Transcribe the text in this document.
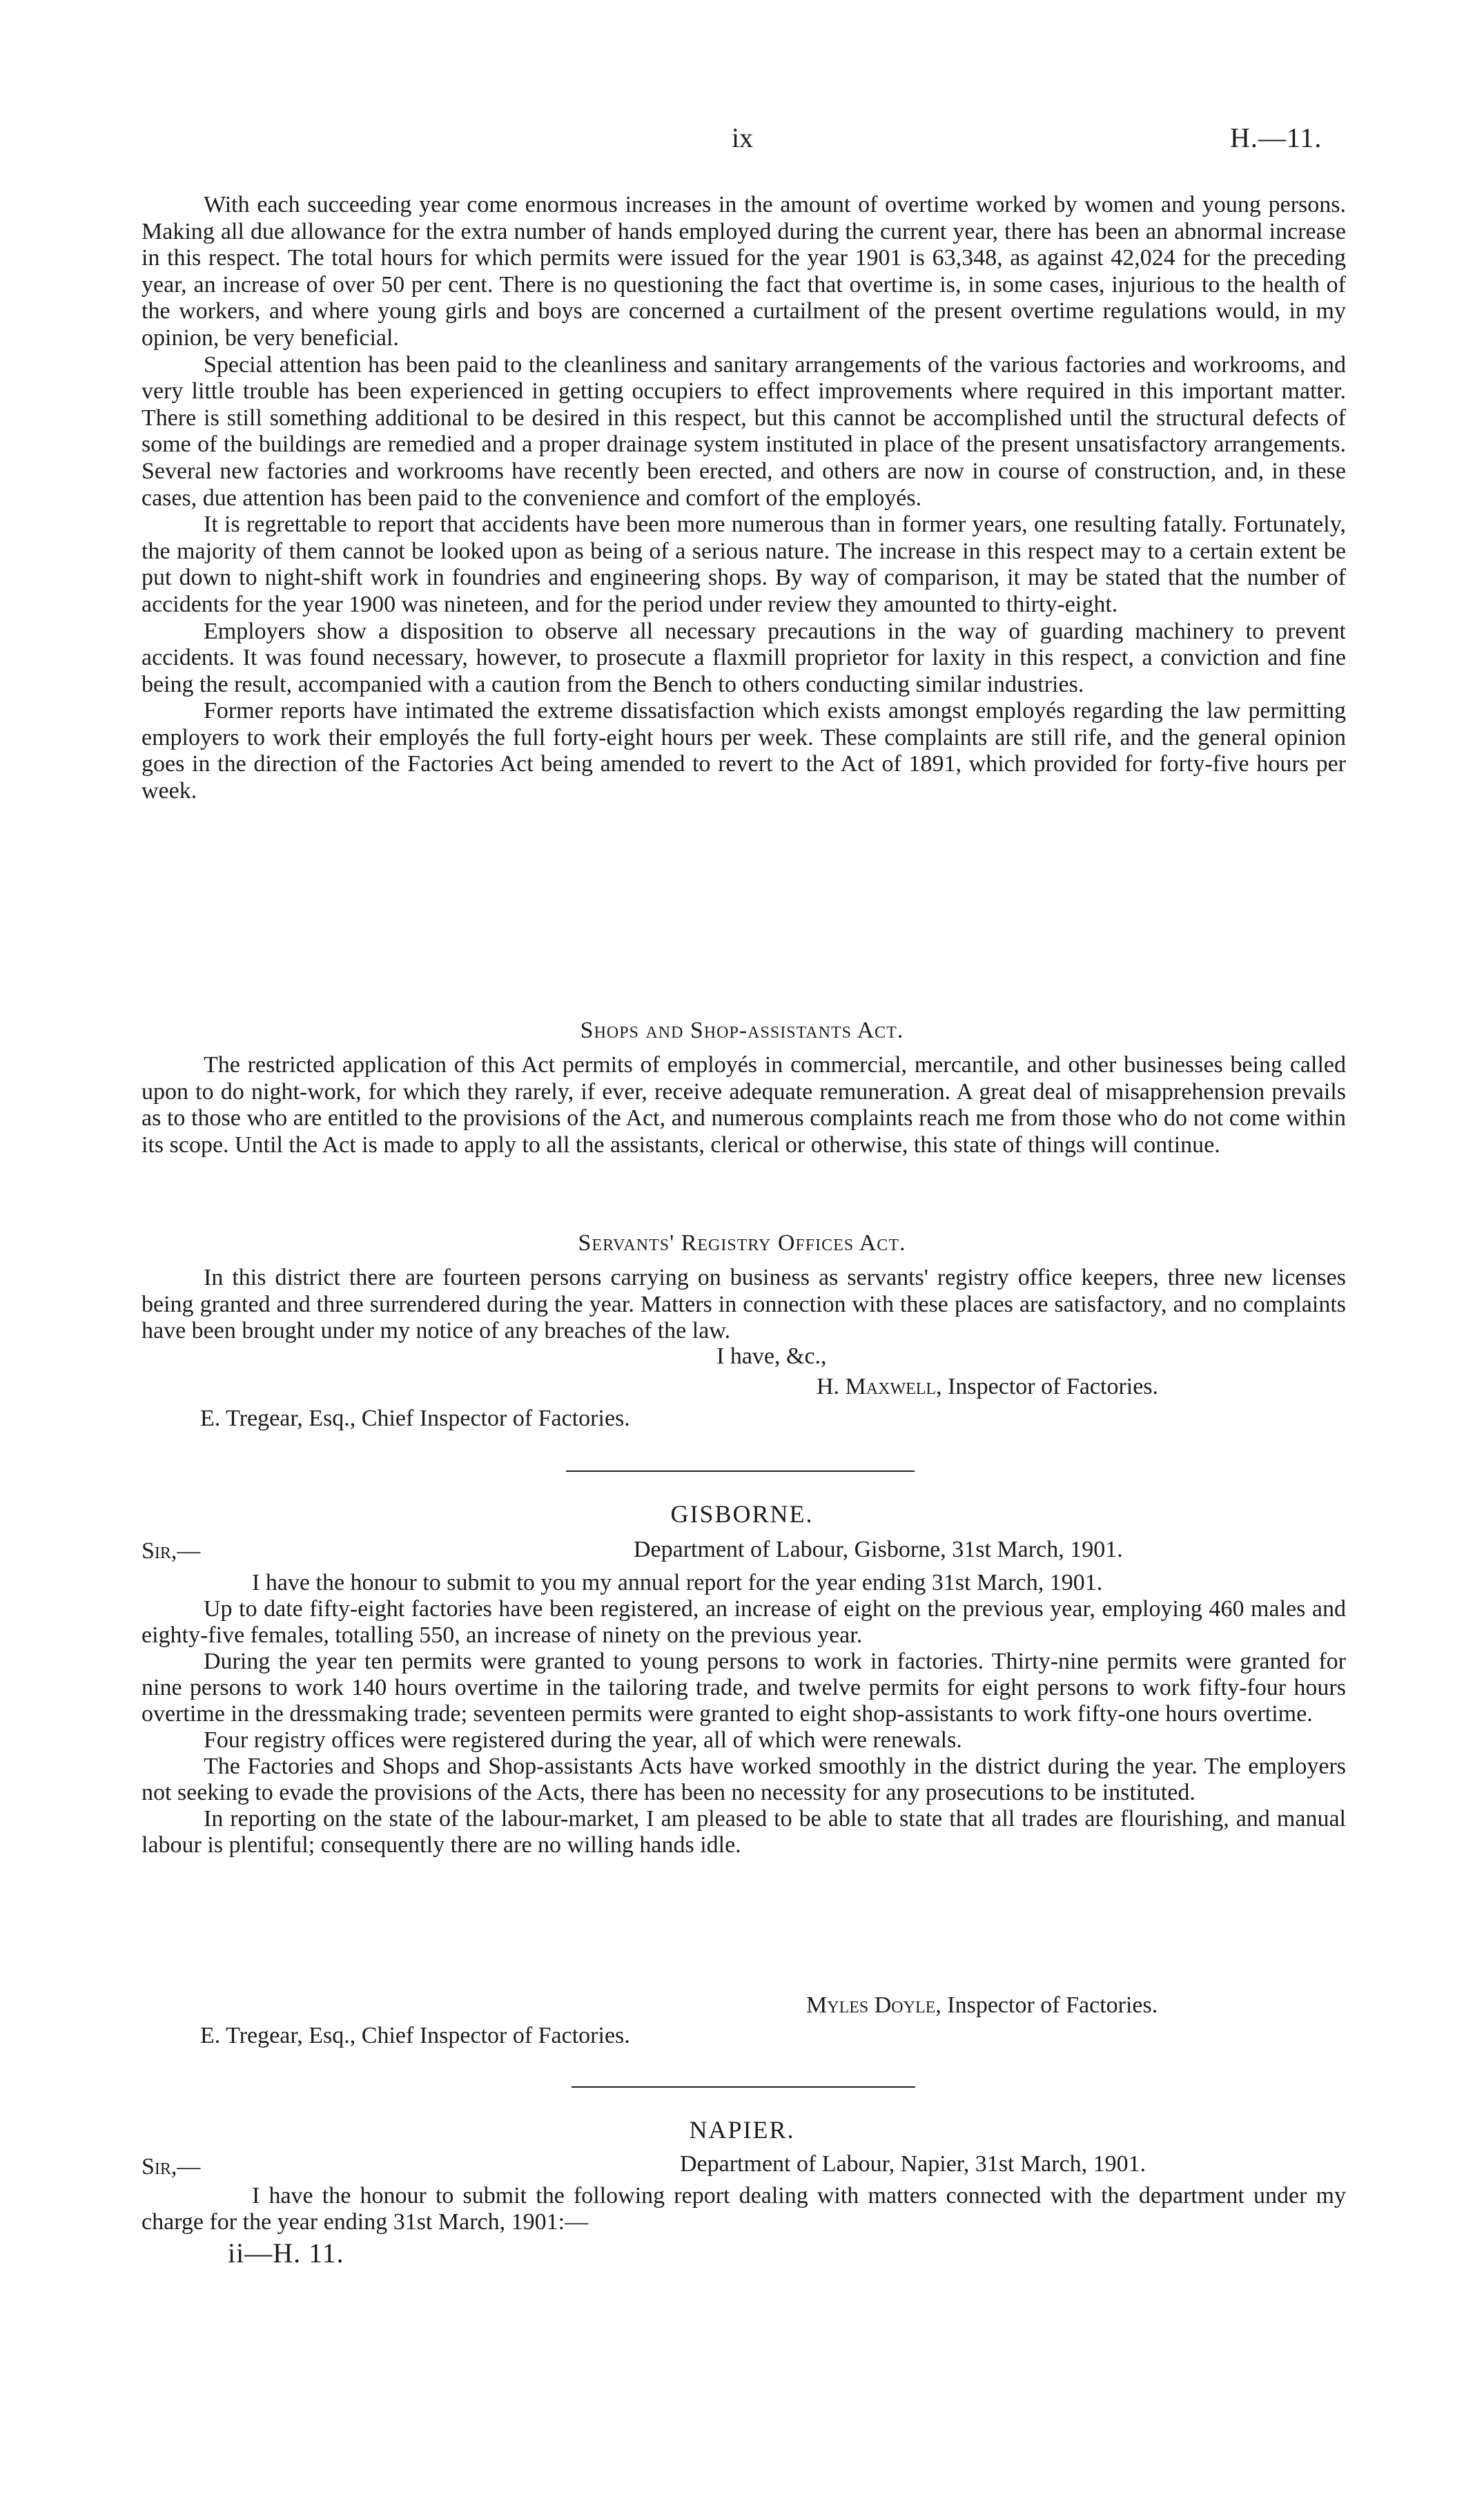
ix	H.—11.

With each succeeding year come enormous increases in the amount of overtime worked by women and young persons. Making all due allowance for the extra number of hands employed during the current year, there has been an abnormal increase in this respect. The total hours for which permits were issued for the year 1901 is 63,348, as against 42,024 for the preceding year, an increase of over 50 per cent. There is no questioning the fact that overtime is, in some cases, injurious to the health of the workers, and where young girls and boys are concerned a curtailment of the present overtime regulations would, in my opinion, be very beneficial.

Special attention has been paid to the cleanliness and sanitary arrangements of the various factories and workrooms, and very little trouble has been experienced in getting occupiers to effect improvements where required in this important matter. There is still something additional to be desired in this respect, but this cannot be accomplished until the structural defects of some of the buildings are remedied and a proper drainage system instituted in place of the present unsatisfactory arrangements. Several new factories and workrooms have recently been erected, and others are now in course of construction, and, in these cases, due attention has been paid to the convenience and comfort of the employés.

It is regrettable to report that accidents have been more numerous than in former years, one resulting fatally. Fortunately, the majority of them cannot be looked upon as being of a serious nature. The increase in this respect may to a certain extent be put down to night-shift work in foundries and engineering shops. By way of comparison, it may be stated that the number of accidents for the year 1900 was nineteen, and for the period under review they amounted to thirty-eight.

Employers show a disposition to observe all necessary precautions in the way of guarding machinery to prevent accidents. It was found necessary, however, to prosecute a flaxmill proprietor for laxity in this respect, a conviction and fine being the result, accompanied with a caution from the Bench to others conducting similar industries.

Former reports have intimated the extreme dissatisfaction which exists amongst employés regarding the law permitting employers to work their employés the full forty-eight hours per week. These complaints are still rife, and the general opinion goes in the direction of the Factories Act being amended to revert to the Act of 1891, which provided for forty-five hours per week.

Shops and Shop-assistants Act.

The restricted application of this Act permits of employés in commercial, mercantile, and other businesses being called upon to do night-work, for which they rarely, if ever, receive adequate remuneration. A great deal of misapprehension prevails as to those who are entitled to the provisions of the Act, and numerous complaints reach me from those who do not come within its scope. Until the Act is made to apply to all the assistants, clerical or otherwise, this state of things will continue.

Servants' Registry Offices Act.

In this district there are fourteen persons carrying on business as servants' registry office keepers, three new licenses being granted and three surrendered during the year. Matters in connection with these places are satisfactory, and no complaints have been brought under my notice of any breaches of the law.

I have, &c.,
H. Maxwell, Inspector of Factories.
E. Tregear, Esq., Chief Inspector of Factories.
GISBORNE.
Sir,—	Department of Labour, Gisborne, 31st March, 1901.

I have the honour to submit to you my annual report for the year ending 31st March, 1901.

Up to date fifty-eight factories have been registered, an increase of eight on the previous year, employing 460 males and eighty-five females, totalling 550, an increase of ninety on the previous year.

During the year ten permits were granted to young persons to work in factories. Thirty-nine permits were granted for nine persons to work 140 hours overtime in the tailoring trade, and twelve permits for eight persons to work fifty-four hours overtime in the dressmaking trade; seventeen permits were granted to eight shop-assistants to work fifty-one hours overtime.

Four registry offices were registered during the year, all of which were renewals.

The Factories and Shops and Shop-assistants Acts have worked smoothly in the district during the year. The employers not seeking to evade the provisions of the Acts, there has been no necessity for any prosecutions to be instituted.

In reporting on the state of the labour-market, I am pleased to be able to state that all trades are flourishing, and manual labour is plentiful; consequently there are no willing hands idle.

Myles Doyle, Inspector of Factories.
E. Tregear, Esq., Chief Inspector of Factories.
NAPIER.
Sir,—	Department of Labour, Napier, 31st March, 1901.

I have the honour to submit the following report dealing with matters connected with the department under my charge for the year ending 31st March, 1901:—

ii—H. 11.
